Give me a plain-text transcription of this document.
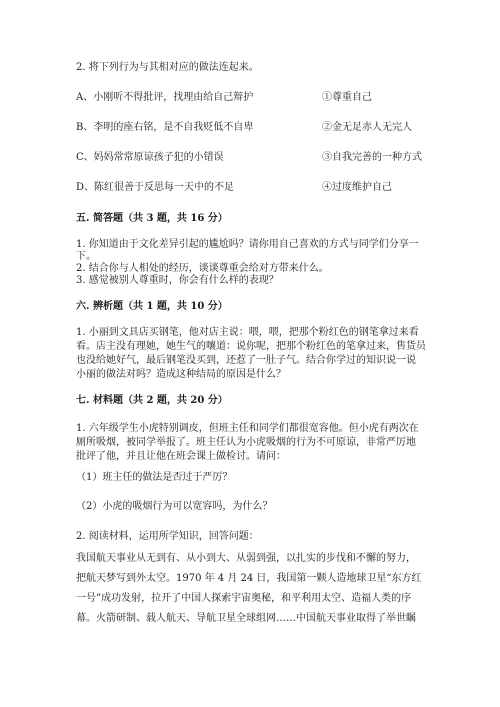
2. 将下列行为与其相对应的做法连起来。
A、小刚听不得批评，找理由给自己辩护	①尊重自己
B、李明的座右铭，是不自我贬低不自卑	②金无足赤人无完人
C、妈妈常常原谅孩子犯的小错误	③自我完善的一种方式
D、陈红很善于反思每一天中的不足	④过度维护自己
五. 简答题（共 3 题，共 16 分）
1. 你知道由于文化差异引起的尴尬吗？请你用自己喜欢的方式与同学们分享一
下。
2. 结合你与人相处的经历，谈谈尊重会给对方带来什么。
3. 感觉被别人尊重时，你会有什么样的表现？
六. 辨析题（共 1 题，共 10 分）
1. 小丽到文具店买钢笔，他对店主说：喂，喂，把那个粉红色的钢笔拿过来看
看。店主没有理她，她生气的嚷道：说你呢，把那个粉红色的笔拿过来，售货员
也没给她好气，最后钢笔没买到，还惹了一肚子气。结合你学过的知识说一说
小丽的做法对吗？造成这种结局的原因是什么？
七. 材料题（共 2 题，共 20 分）
1. 六年级学生小虎特别调皮，但班主任和同学们都很宽容他。但小虎有两次在
厕所吸烟，被同学举报了。班主任认为小虎吸烟的行为不可原谅，非常严厉地
批评了他，并且让他在班会课上做检讨。请问：
（1）班主任的做法是否过于严厉？
（2）小虎的吸烟行为可以宽容吗，为什么？
2. 阅读材料，运用所学知识，回答问题：
我国航天事业从无到有、从小到大、从弱到强，以扎实的步伐和不懈的努力，
把航天梦写到外太空。1970 年 4 月 24 日，我国第一颗人造地球卫星“东方红
一号”成功发射，拉开了中国人探索宇宙奥秘，和平利用太空、造福人类的序
幕。火箭研制、载人航天、导航卫星全球组网……中国航天事业取得了举世瞩
